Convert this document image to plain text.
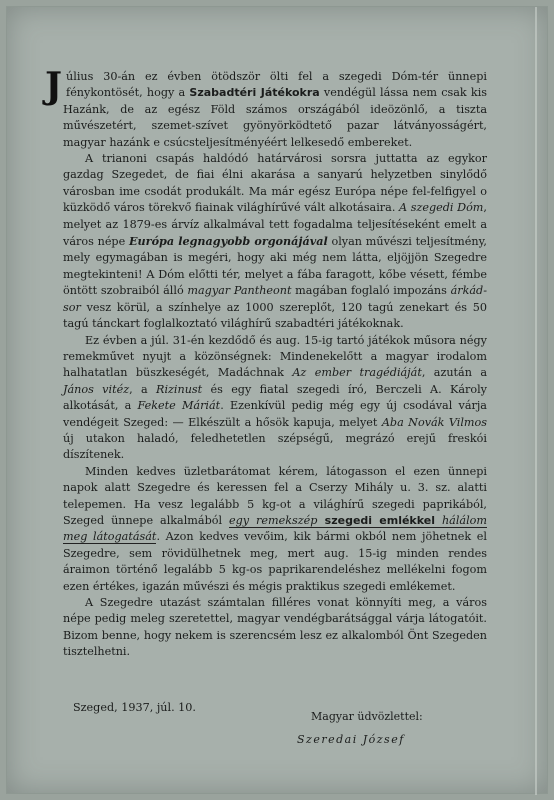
Július 30-án ez évben ötödször ölti fel a szegedi Dóm-tér ünnepi fénykontösét, hogy a Szabadtéri Játékokra vendégül lássa nem csak kis Hazánk, de az egész Föld számos országából ideözönlő, a tiszta művészetért, szemet-szívet gyönyörködtető pazar látványosságért, magyar hazánk e csúcsteljesítményéért lelkesedő embereket.

A trianoni csapás haldódó határvárosi sorsra juttatta az egykor gazdag Szegedet, de fiai élni akarása a sanyarú helyzetben sinylődő városban ime csodát produkált. Ma már egész Európa népe fel-felfigyel o küzködő város törekvő fiainak világhírűvé vált alkotásaira. A szegedi Dóm, melyet az 1879-es árvíz alkalmával tett fogadalma teljesítéseként emelt a város népe Európa legnagyobb orgonájával olyan művészi teljesítmény, mely egymagában is megéri, hogy aki még nem látta, eljöjjön Szegedre megtekinteni! A Dóm előtti tér, melyet a fába faragott, kőbe vésett, fémbe öntött szobraiból álló magyar Pantheont magában foglaló impozáns árkád-sor vesz körül, a színhelye az 1000 szereplőt, 120 tagú zenekart és 50 tagú tánckart foglalkoztató világhírű szabadtéri játékoknak.

Ez évben a júl. 31-én kezdődő és aug. 15-ig tartó játékok műsora négy remekművet nyujt a közönségnek: Mindenekelőtt a magyar irodalom halhatatlan büszkeségét, Madáchnak Az ember tragédiáját, azután a János vitéz, a Rizinust és egy fiatal szegedi író, Berczeli A. Károly alkotását, a Fekete Máriát. Ezenkívül pedig még egy új csodával várja vendégeit Szeged: — Elkészült a hősök kapuja, melyet Aba Novák Vilmos új utakon haladó, feledhetetlen szépségű, megrázó erejű freskói díszítenek.

Minden kedves üzletbarátomat kérem, látogasson el ezen ünnepi napok alatt Szegedre és keressen fel a Cserzy Mihály u. 3. sz. alatti telepemen. Ha vesz legalább 5 kg-ot a világhírű szegedi paprikából, Szeged ünnepe alkalmából egy remekszép szegedi emlékkel hálálom meg látogatását. Azon kedves vevőim, kik bármi okból nem jöhetnek el Szegedre, sem rövidülhetnek meg, mert aug. 15-ig minden rendes áraimon történő legalább 5 kg-os paprikarendeléshez mellékelni fogom ezen értékes, igazán művészi és mégis praktikus szegedi emlékemet.

A Szegedre utazást számtalan filléres vonat könnyíti meg, a város népe pedig meleg szeretettel, magyar vendégbarátsággal várja látogatóit. Bizom benne, hogy nekem is szerencsém lesz ez alkalomból Önt Szegeden tisztelhetni.

Szeged, 1937, júl. 10.
Magyar üdvözlettel:
Szeredai József
